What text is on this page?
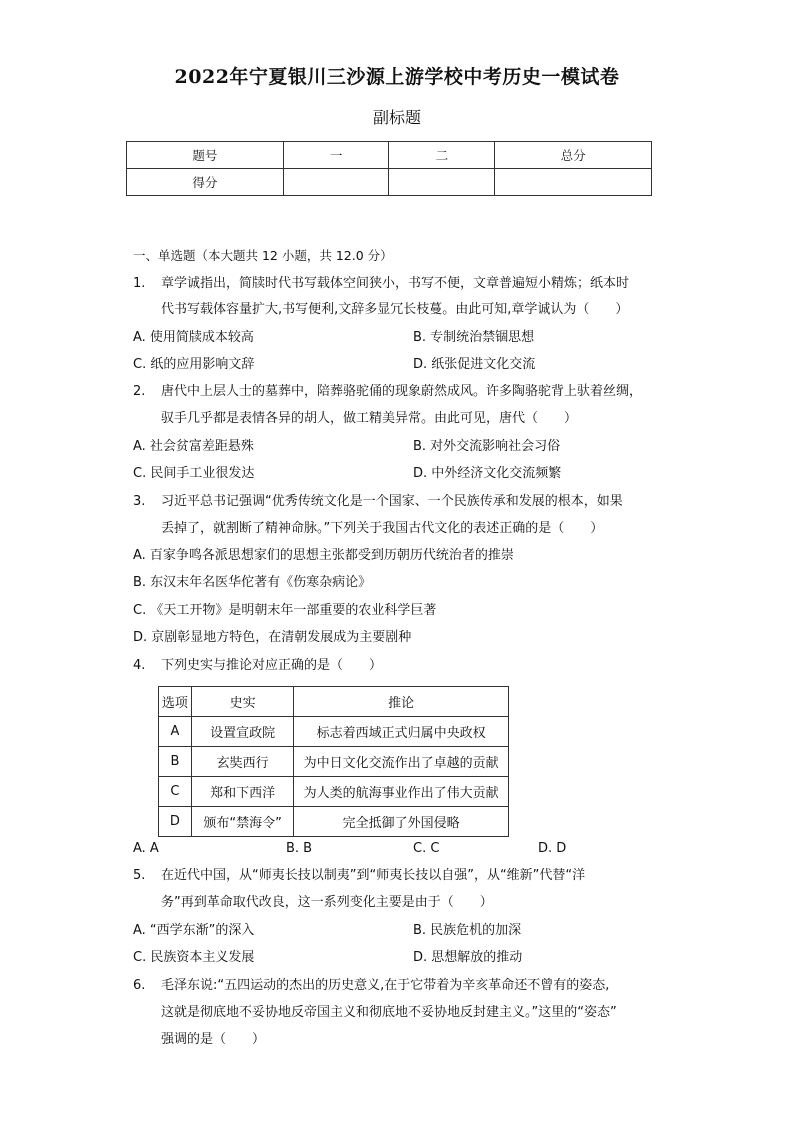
2022年宁夏银川三沙源上游学校中考历史一模试卷
副标题
题号	一	二	总分
得分			
一、单选题（本大题共 12 小题，共 12.0 分）
1. 章学诚指出，简牍时代书写载体空间狭小，书写不便，文章普遍短小精炼；纸本时
代书写载体容量扩大,书写便利,文辞多显冗长枝蔓。由此可知,章学诚认为（　　）
A. 使用简牍成本较高	B. 专制统治禁锢思想
C. 纸的应用影响文辞	D. 纸张促进文化交流
2. 唐代中上层人士的墓葬中，陪葬骆驼俑的现象蔚然成风。许多陶骆驼背上驮着丝绸，
驭手几乎都是表情各异的胡人，做工精美异常。由此可见，唐代（　　）
A. 社会贫富差距悬殊	B. 对外交流影响社会习俗
C. 民间手工业很发达	D. 中外经济文化交流频繁
3. 习近平总书记强调“优秀传统文化是一个国家、一个民族传承和发展的根本，如果
丢掉了，就割断了精神命脉。”下列关于我国古代文化的表述正确的是（　　）
A. 百家争鸣各派思想家们的思想主张都受到历朝历代统治者的推崇
B. 东汉末年名医华佗著有《伤寒杂病论》
C. 《天工开物》是明朝末年一部重要的农业科学巨著
D. 京剧彰显地方特色，在清朝发展成为主要剧种
4. 下列史实与推论对应正确的是（　　）
选项	史实	推论
A	设置宣政院	标志着西域正式归属中央政权
B	玄奘西行	为中日文化交流作出了卓越的贡献
C	郑和下西洋	为人类的航海事业作出了伟大贡献
D	颁布“禁海令”	完全抵御了外国侵略
A. A	B. B	C. C	D. D
5. 在近代中国，从“师夷长技以制夷”到“师夷长技以自强”，从“维新”代替“洋
务”再到革命取代改良，这一系列变化主要是由于（　　）
A. “西学东渐”的深入	B. 民族危机的加深
C. 民族资本主义发展	D. 思想解放的推动
6. 毛泽东说:“五四运动的杰出的历史意义,在于它带着为辛亥革命还不曾有的姿态,
这就是彻底地不妥协地反帝国主义和彻底地不妥协地反封建主义。”这里的“姿态”
强调的是（　　）
